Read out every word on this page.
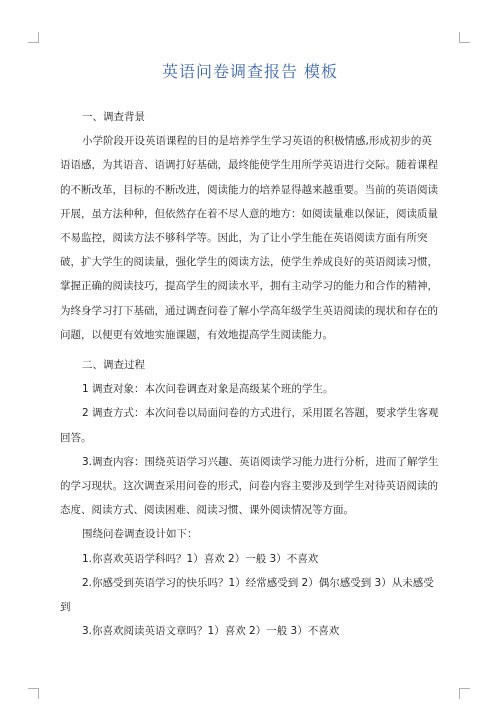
英语问卷调查报告 模板

一、调查背景

小学阶段开设英语课程的目的是培养学生学习英语的积极情感,形成初步的英语语感，为其语音、语调打好基础，最终能使学生用所学英语进行交际。随着课程的不断改革，目标的不断改进，阅读能力的培养显得越来越重要。当前的英语阅读开展，虽方法种种，但依然存在着不尽人意的地方：如阅读量难以保证，阅读质量不易监控，阅读方法不够科学等。因此，为了让小学生能在英语阅读方面有所突破，扩大学生的阅读量，强化学生的阅读方法，使学生养成良好的英语阅读习惯，掌握正确的阅读技巧，提高学生的阅读水平，拥有主动学习的能力和合作的精神，为终身学习打下基础，通过调查问卷了解小学高年级学生英语阅读的现状和存在的问题，以便更有效地实施课题，有效地提高学生阅读能力。

二、调查过程

1 调查对象：本次问卷调查对象是高级某个班的学生。

2 调查方式：本次问卷以局面问卷的方式进行，采用匿名答题，要求学生客观回答。

3.调查内容：围绕英语学习兴趣、英语阅读学习能力进行分析，进而了解学生的学习现状。这次调查采用问卷的形式，问卷内容主要涉及到学生对待英语阅读的态度、阅读方式、阅读困难、阅读习惯、课外阅读情况等方面。

围绕问卷调查设计如下：

1.你喜欢英语学科吗？1）喜欢 2）一般 3）不喜欢

2.你感受到英语学习的快乐吗？1）经常感受到 2）偶尔感受到 3）从未感受到

3.你喜欢阅读英语文章吗？1）喜欢 2）一般 3）不喜欢
